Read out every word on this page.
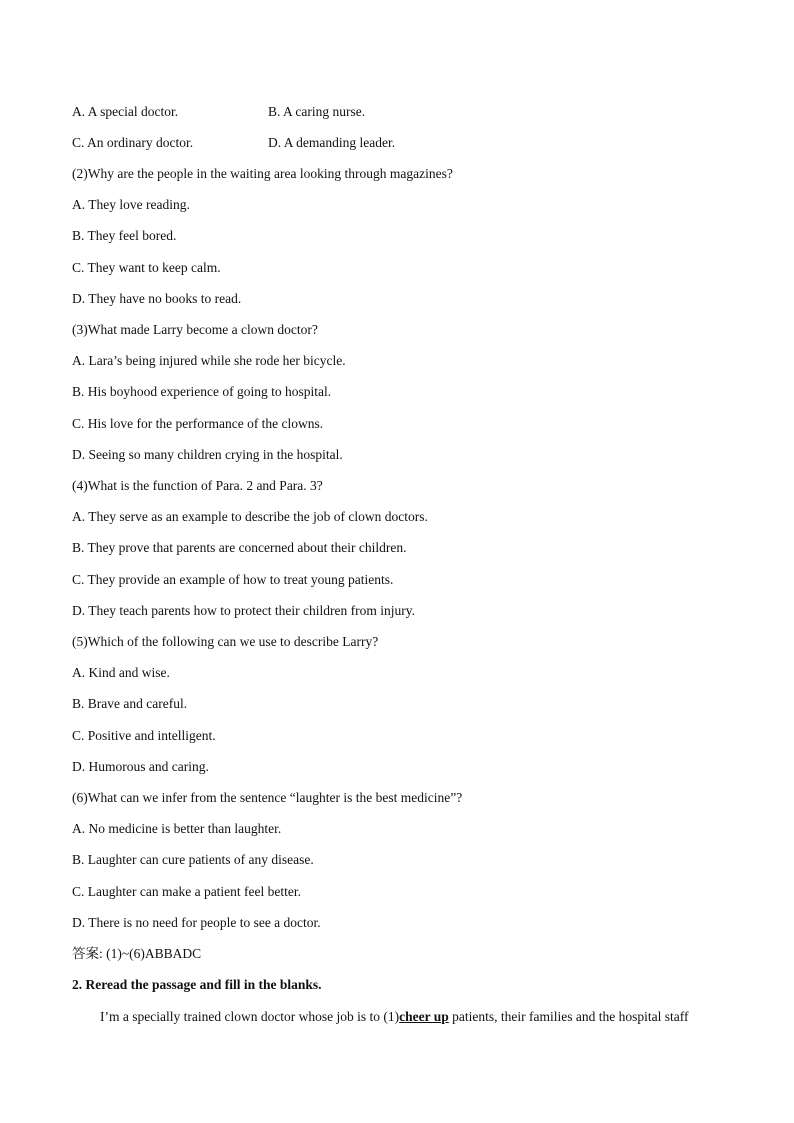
A. A special doctor.	B. A caring nurse.
C. An ordinary doctor.	D. A demanding leader.
(2)Why are the people in the waiting area looking through magazines?
A. They love reading.
B. They feel bored.
C. They want to keep calm.
D. They have no books to read.
(3)What made Larry become a clown doctor?
A. Lara’s being injured while she rode her bicycle.
B. His boyhood experience of going to hospital.
C. His love for the performance of the clowns.
D. Seeing so many children crying in the hospital.
(4)What is the function of Para. 2 and Para. 3?
A. They serve as an example to describe the job of clown doctors.
B. They prove that parents are concerned about their children.
C. They provide an example of how to treat young patients.
D. They teach parents how to protect their children from injury.
(5)Which of the following can we use to describe Larry?
A. Kind and wise.
B. Brave and careful.
C. Positive and intelligent.
D. Humorous and caring.
(6)What can we infer from the sentence “laughter is the best medicine”?
A. No medicine is better than laughter.
B. Laughter can cure patients of any disease.
C. Laughter can make a patient feel better.
D. There is no need for people to see a doctor.
答案: (1)~(6)ABBADC
2. Reread the passage and fill in the blanks.
I’m a specially trained clown doctor whose job is to (1)cheer up patients, their families and the hospital staff
